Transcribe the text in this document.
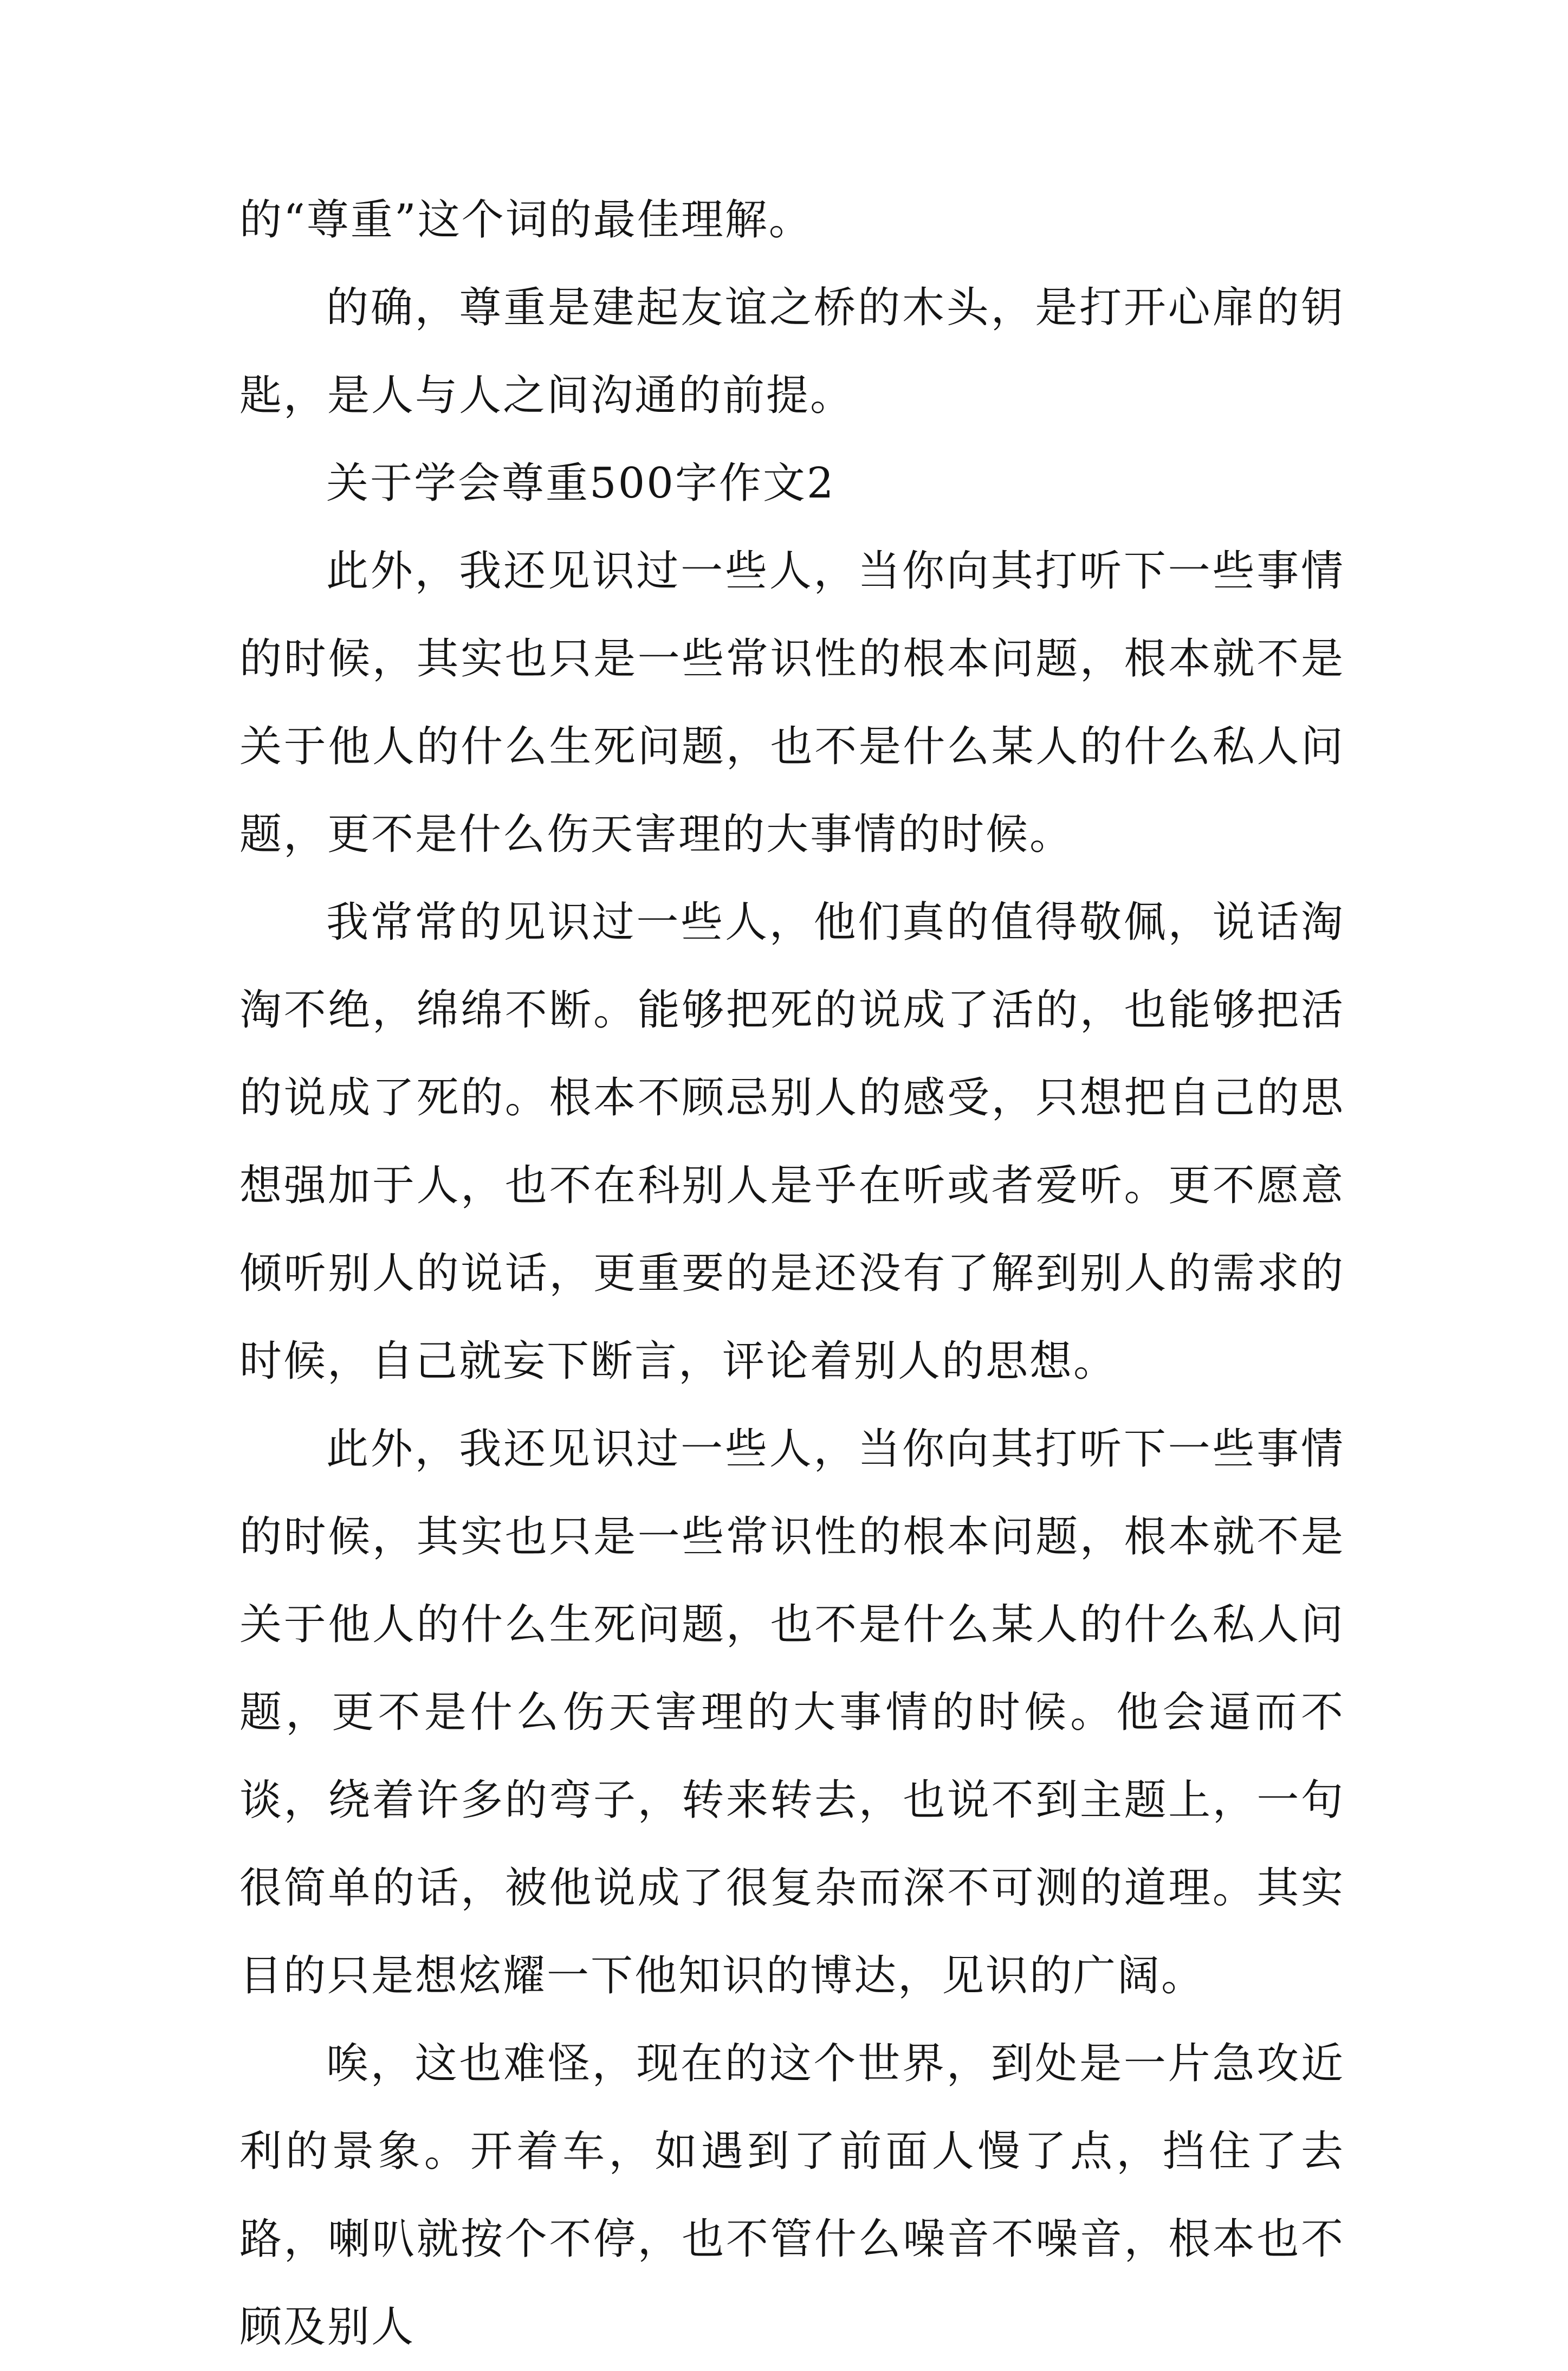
的“尊重”这个词的最佳理解。

的确，尊重是建起友谊之桥的木头，是打开心扉的钥匙，是人与人之间沟通的前提。

关于学会尊重500字作文2

此外，我还见识过一些人，当你向其打听下一些事情的时候，其实也只是一些常识性的根本问题，根本就不是关于他人的什么生死问题，也不是什么某人的什么私人问题，更不是什么伤天害理的大事情的时候。

我常常的见识过一些人，他们真的值得敬佩，说话淘淘不绝，绵绵不断。能够把死的说成了活的，也能够把活的说成了死的。根本不顾忌别人的感受，只想把自己的思想强加于人，也不在科别人是乎在听或者爱听。更不愿意倾听别人的说话，更重要的是还没有了解到别人的需求的时候，自己就妄下断言，评论着别人的思想。

此外，我还见识过一些人，当你向其打听下一些事情的时候，其实也只是一些常识性的根本问题，根本就不是关于他人的什么生死问题，也不是什么某人的什么私人问题，更不是什么伤天害理的大事情的时候。他会逼而不谈，绕着许多的弯子，转来转去，也说不到主题上，一句很简单的话，被他说成了很复杂而深不可测的道理。其实目的只是想炫耀一下他知识的博达，见识的广阔。

唉，这也难怪，现在的这个世界，到处是一片急攻近利的景象。开着车，如遇到了前面人慢了点，挡住了去路，喇叭就按个不停，也不管什么噪音不噪音，根本也不顾及别人
